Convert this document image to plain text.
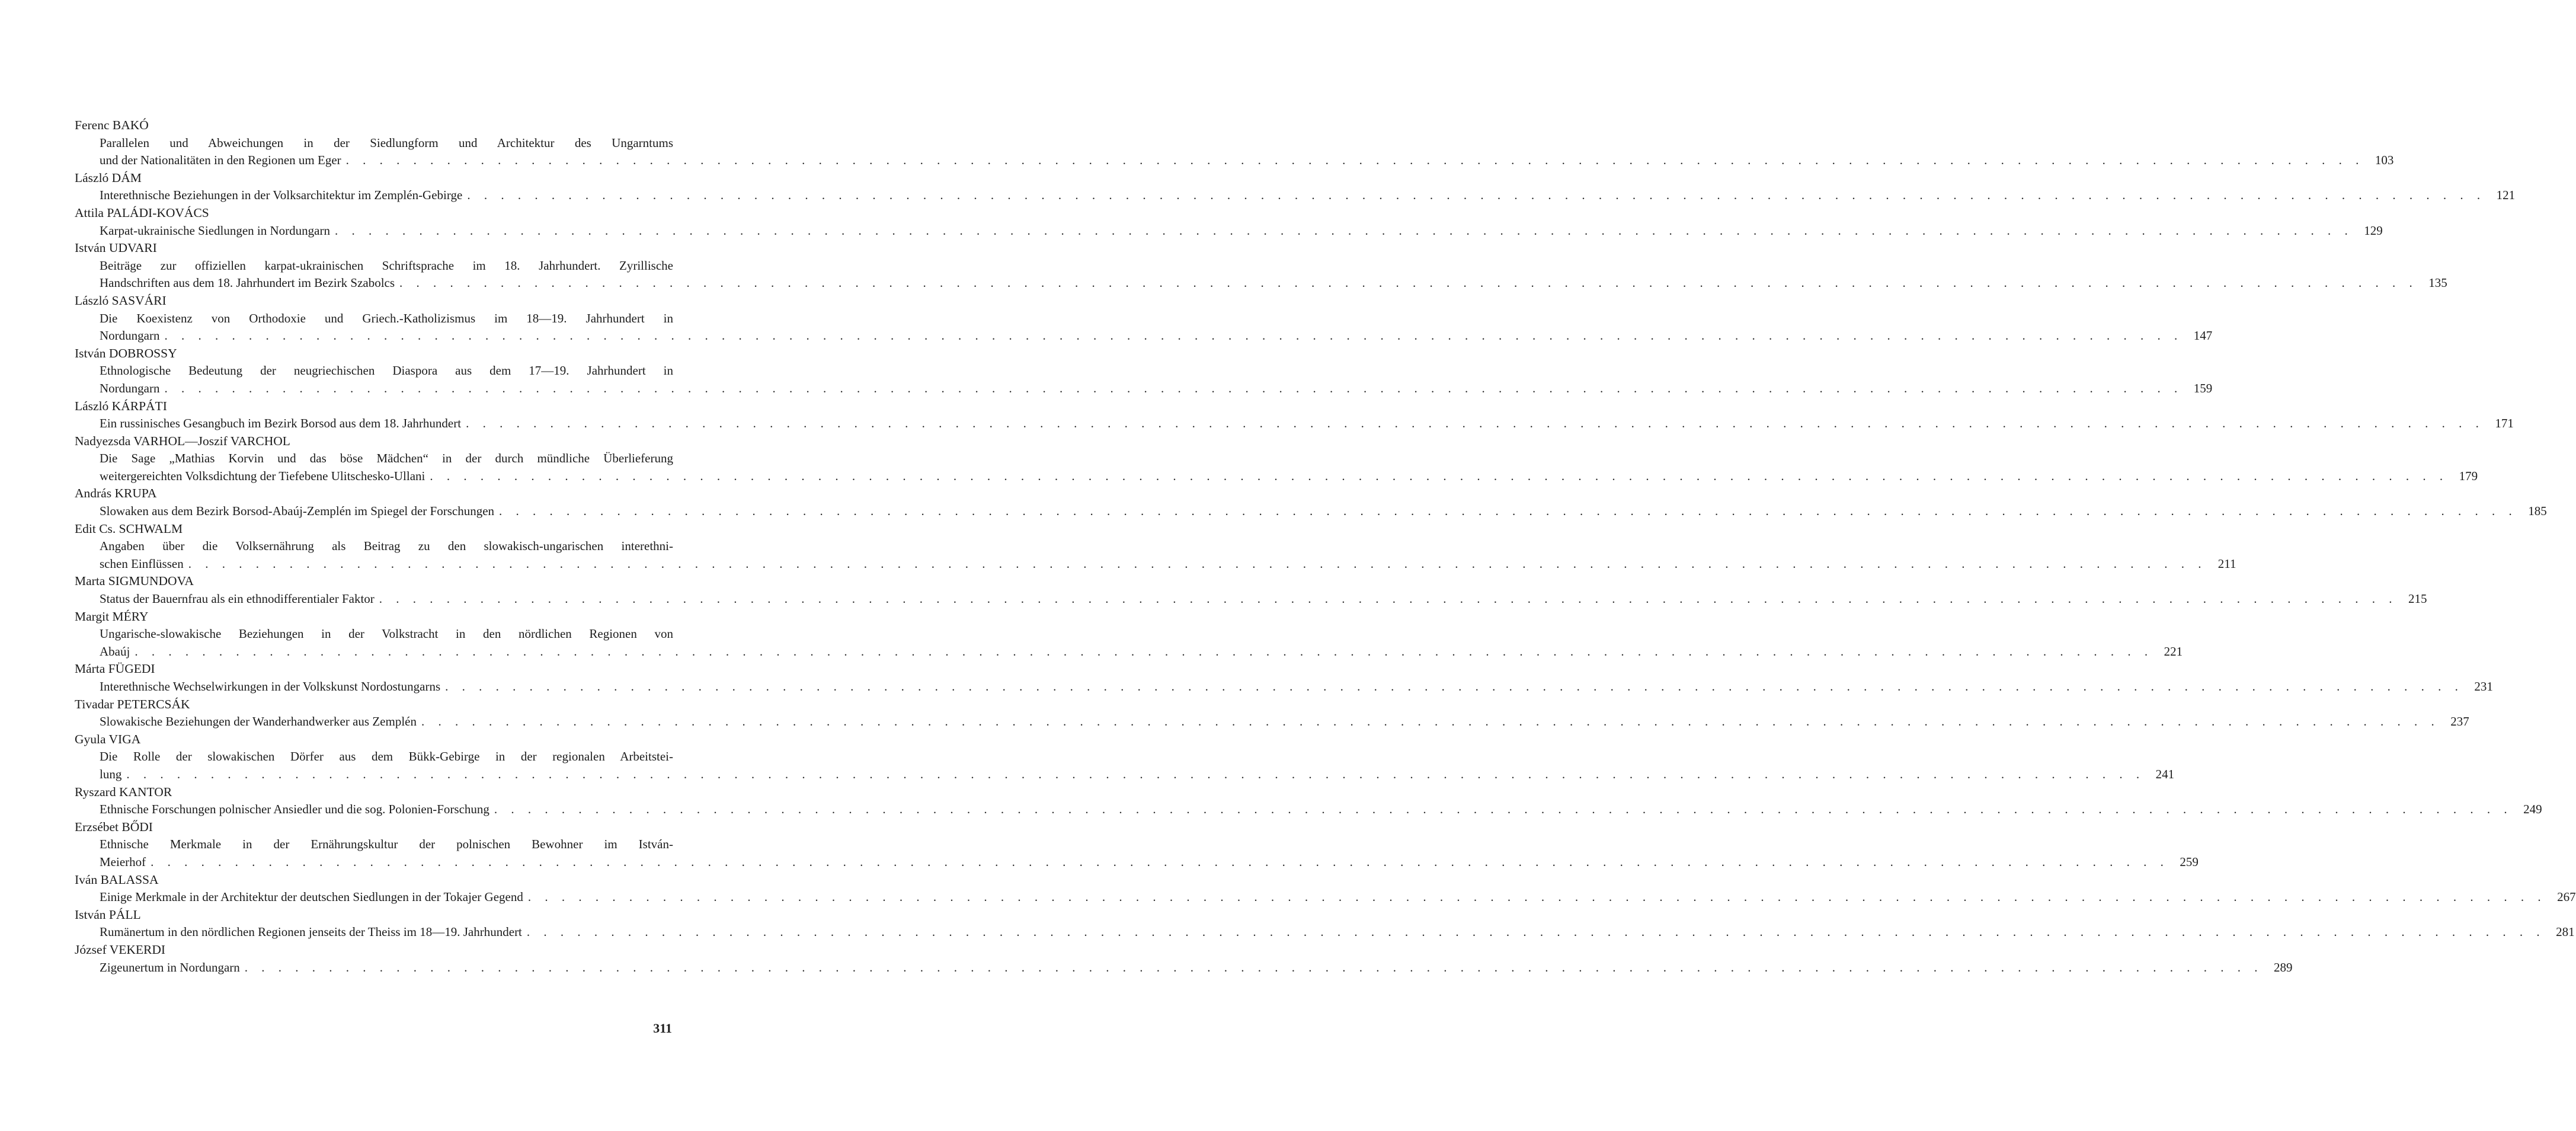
Ferenc BAKÓ
Parallelen und Abweichungen in der Siedlungform und Architektur des Ungarntums
und der Nationalitäten in den Regionen um Eger . . . . . . . . . . . . . . . . . . . . . . . . . . . . . . . . . . . . . . . . . . . . . . . . . . . . . . . . . . . . . . . . . . . . . . . . . . . . . . . . . . . . . . . . . . . . . . . . . . . . . . . . . . . . . . . . . . . . . . . . 103
László DÁM
Interethnische Beziehungen in der Volksarchitektur im Zemplén-Gebirge . . . . . . . . . . . . . . . . . . . . . . . . . . . . . . . . . . . . . . . . . . . . . . . . . . . . . . . . . . . . . . . . . . . . . . . . . . . . . . . . . . . . . . . . . . . . . . . . . . . . . . . . . . . . . . . . . . . . . . . . 121
Attila PALÁDI-KOVÁCS
Karpat-ukrainische Siedlungen in Nordungarn . . . . . . . . . . . . . . . . . . . . . . . . . . . . . . . . . . . . . . . . . . . . . . . . . . . . . . . . . . . . . . . . . . . . . . . . . . . . . . . . . . . . . . . . . . . . . . . . . . . . . . . . . . . . . . . . . . . . . . . . 129
István UDVARI
Beiträge zur offiziellen karpat-ukrainischen Schriftsprache im 18. Jahrhundert. Zyrillische
Handschriften aus dem 18. Jahrhundert im Bezirk Szabolcs . . . . . . . . . . . . . . . . . . . . . . . . . . . . . . . . . . . . . . . . . . . . . . . . . . . . . . . . . . . . . . . . . . . . . . . . . . . . . . . . . . . . . . . . . . . . . . . . . . . . . . . . . . . . . . . . . . . . . . . . 135
László SASVÁRI
Die Koexistenz von Orthodoxie und Griech.-Katholizismus im 18—19. Jahrhundert in
Nordungarn . . . . . . . . . . . . . . . . . . . . . . . . . . . . . . . . . . . . . . . . . . . . . . . . . . . . . . . . . . . . . . . . . . . . . . . . . . . . . . . . . . . . . . . . . . . . . . . . . . . . . . . . . . . . . . . . . . . . . . . . 147
István DOBROSSY
Ethnologische Bedeutung der neugriechischen Diaspora aus dem 17—19. Jahrhundert in
Nordungarn . . . . . . . . . . . . . . . . . . . . . . . . . . . . . . . . . . . . . . . . . . . . . . . . . . . . . . . . . . . . . . . . . . . . . . . . . . . . . . . . . . . . . . . . . . . . . . . . . . . . . . . . . . . . . . . . . . . . . . . . 159
László KÁRPÁTI
Ein russinisches Gesangbuch im Bezirk Borsod aus dem 18. Jahrhundert . . . . . . . . . . . . . . . . . . . . . . . . . . . . . . . . . . . . . . . . . . . . . . . . . . . . . . . . . . . . . . . . . . . . . . . . . . . . . . . . . . . . . . . . . . . . . . . . . . . . . . . . . . . . . . . . . . . . . . . . 171
Nadyezsda VARHOL—Joszif VARCHOL
Die Sage „Mathias Korvin und das böse Mädchen“ in der durch mündliche Überlieferung
weitergereichten Volksdichtung der Tiefebene Ulitschesko-Ullani . . . . . . . . . . . . . . . . . . . . . . . . . . . . . . . . . . . . . . . . . . . . . . . . . . . . . . . . . . . . . . . . . . . . . . . . . . . . . . . . . . . . . . . . . . . . . . . . . . . . . . . . . . . . . . . . . . . . . . . . 179
András KRUPA
Slowaken aus dem Bezirk Borsod-Abaúj-Zemplén im Spiegel der Forschungen . . . . . . . . . . . . . . . . . . . . . . . . . . . . . . . . . . . . . . . . . . . . . . . . . . . . . . . . . . . . . . . . . . . . . . . . . . . . . . . . . . . . . . . . . . . . . . . . . . . . . . . . . . . . . . . . . . . . . . . . 185
Edit Cs. SCHWALM
Angaben über die Volksernährung als Beitrag zu den slowakisch-ungarischen interethni-
schen Einflüssen . . . . . . . . . . . . . . . . . . . . . . . . . . . . . . . . . . . . . . . . . . . . . . . . . . . . . . . . . . . . . . . . . . . . . . . . . . . . . . . . . . . . . . . . . . . . . . . . . . . . . . . . . . . . . . . . . . . . . . . . 211
Marta SIGMUNDOVA
Status der Bauernfrau als ein ethnodifferentialer Faktor . . . . . . . . . . . . . . . . . . . . . . . . . . . . . . . . . . . . . . . . . . . . . . . . . . . . . . . . . . . . . . . . . . . . . . . . . . . . . . . . . . . . . . . . . . . . . . . . . . . . . . . . . . . . . . . . . . . . . . . . 215
Margit MÉRY
Ungarische-slowakische Beziehungen in der Volkstracht in den nördlichen Regionen von
Abaúj . . . . . . . . . . . . . . . . . . . . . . . . . . . . . . . . . . . . . . . . . . . . . . . . . . . . . . . . . . . . . . . . . . . . . . . . . . . . . . . . . . . . . . . . . . . . . . . . . . . . . . . . . . . . . . . . . . . . . . . . 221
Márta FÜGEDI
Interethnische Wechselwirkungen in der Volkskunst Nordostungarns . . . . . . . . . . . . . . . . . . . . . . . . . . . . . . . . . . . . . . . . . . . . . . . . . . . . . . . . . . . . . . . . . . . . . . . . . . . . . . . . . . . . . . . . . . . . . . . . . . . . . . . . . . . . . . . . . . . . . . . . 231
Tivadar PETERCSÁK
Slowakische Beziehungen der Wanderhandwerker aus Zemplén . . . . . . . . . . . . . . . . . . . . . . . . . . . . . . . . . . . . . . . . . . . . . . . . . . . . . . . . . . . . . . . . . . . . . . . . . . . . . . . . . . . . . . . . . . . . . . . . . . . . . . . . . . . . . . . . . . . . . . . . 237
Gyula VIGA
Die Rolle der slowakischen Dörfer aus dem Bükk-Gebirge in der regionalen Arbeitstei-
lung . . . . . . . . . . . . . . . . . . . . . . . . . . . . . . . . . . . . . . . . . . . . . . . . . . . . . . . . . . . . . . . . . . . . . . . . . . . . . . . . . . . . . . . . . . . . . . . . . . . . . . . . . . . . . . . . . . . . . . . . 241
Ryszard KANTOR
Ethnische Forschungen polnischer Ansiedler und die sog. Polonien-Forschung . . . . . . . . . . . . . . . . . . . . . . . . . . . . . . . . . . . . . . . . . . . . . . . . . . . . . . . . . . . . . . . . . . . . . . . . . . . . . . . . . . . . . . . . . . . . . . . . . . . . . . . . . . . . . . . . . . . . . . . . 249
Erzsébet BŐDI
Ethnische Merkmale in der Ernährungskultur der polnischen Bewohner im István-
Meierhof . . . . . . . . . . . . . . . . . . . . . . . . . . . . . . . . . . . . . . . . . . . . . . . . . . . . . . . . . . . . . . . . . . . . . . . . . . . . . . . . . . . . . . . . . . . . . . . . . . . . . . . . . . . . . . . . . . . . . . . . 259
Iván BALASSA
Einige Merkmale in der Architektur der deutschen Siedlungen in der Tokajer Gegend . . . . . . . . . . . . . . . . . . . . . . . . . . . . . . . . . . . . . . . . . . . . . . . . . . . . . . . . . . . . . . . . . . . . . . . . . . . . . . . . . . . . . . . . . . . . . . . . . . . . . . . . . . . . . . . . . . . . . . . . 267
István PÁLL
Rumänertum in den nördlichen Regionen jenseits der Theiss im 18—19. Jahrhundert . . . . . . . . . . . . . . . . . . . . . . . . . . . . . . . . . . . . . . . . . . . . . . . . . . . . . . . . . . . . . . . . . . . . . . . . . . . . . . . . . . . . . . . . . . . . . . . . . . . . . . . . . . . . . . . . . . . . . . . . 281
József VEKERDI
Zigeunertum in Nordungarn . . . . . . . . . . . . . . . . . . . . . . . . . . . . . . . . . . . . . . . . . . . . . . . . . . . . . . . . . . . . . . . . . . . . . . . . . . . . . . . . . . . . . . . . . . . . . . . . . . . . . . . . . . . . . . . . . . . . . . . . 289
311
